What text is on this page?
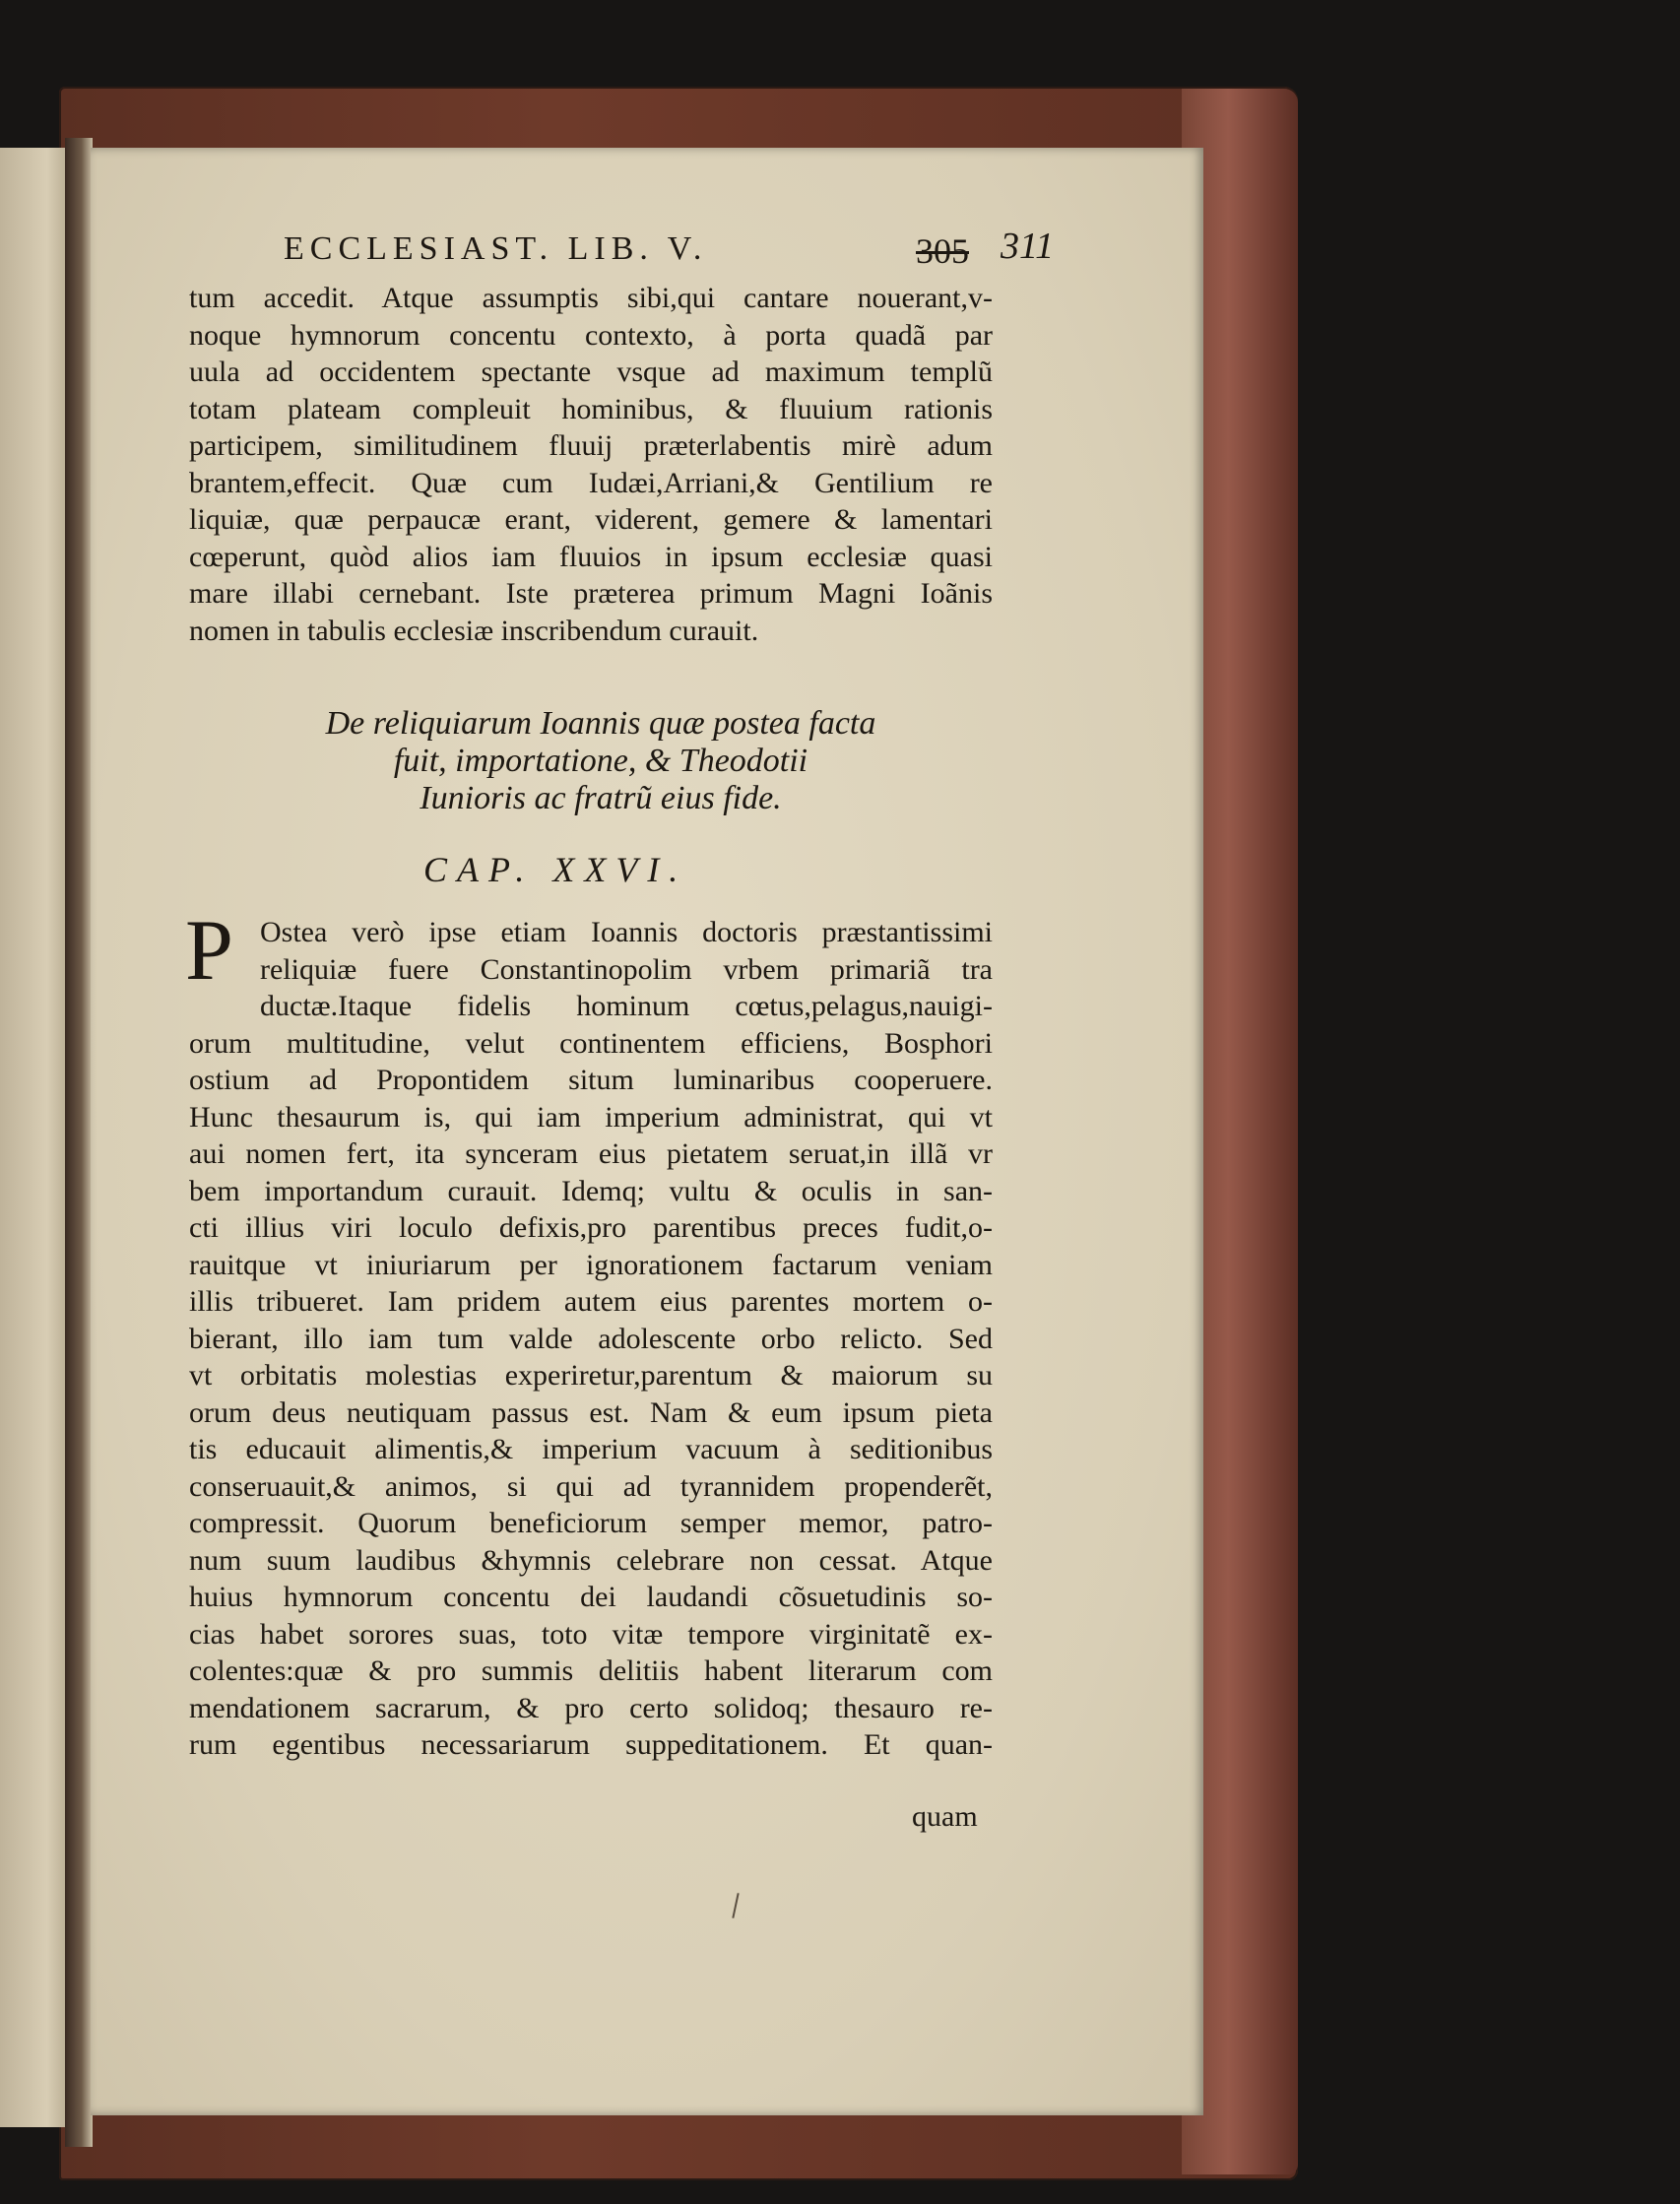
ECCLESIAST. LIB. V.	305 311
tum accedit. Atque assumptis sibi,qui cantare nouerant,v-
noque hymnorum concentu contexto, à porta quadã par
uula ad occidentem spectante vsque ad maximum templũ
totam plateam compleuit hominibus, & fluuium rationis
participem, similitudinem fluuij præterlabentis mirè adum
brantem,effecit. Quæ cum Iudæi,Arriani,& Gentilium re
liquiæ, quæ perpaucæ erant, viderent, gemere & lamentari
cœperunt, quòd alios iam fluuios in ipsum ecclesiæ quasi
mare illabi cernebant. Iste præterea primum Magni Ioãnis
nomen in tabulis ecclesiæ inscribendum curauit.
De reliquiarum Ioannis quæ postea facta
fuit, importatione, & Theodotii
Iunioris ac fratrũ eius fide.
CAP. XXVI.
P Ostea verò ipse etiam Ioannis doctoris præstantissimi
reliquiæ fuere Constantinopolim vrbem primariã tra
ductæ.Itaque fidelis hominum cœtus,pelagus,nauigi-
orum multitudine, velut continentem efficiens, Bosphori
ostium ad Propontidem situm luminaribus cooperuere.
Hunc thesaurum is, qui iam imperium administrat, qui vt
aui nomen fert, ita synceram eius pietatem seruat,in illã vr
bem importandum curauit. Idemq; vultu & oculis in san-
cti illius viri loculo defixis,pro parentibus preces fudit,o-
rauitque vt iniuriarum per ignorationem factarum veniam
illis tribueret. Iam pridem autem eius parentes mortem o-
bierant, illo iam tum valde adolescente orbo relicto. Sed
vt orbitatis molestias experiretur,parentum & maiorum su
orum deus neutiquam passus est. Nam & eum ipsum pieta
tis educauit alimentis,& imperium vacuum à seditionibus
conseruauit,& animos, si qui ad tyrannidem propenderẽt,
compressit. Quorum beneficiorum semper memor, patro-
num suum laudibus &hymnis celebrare non cessat. Atque
huius hymnorum concentu dei laudandi cõsuetudinis so-
cias habet sorores suas, toto vitæ tempore virginitatẽ ex-
colentes:quæ & pro summis delitiis habent literarum com
mendationem sacrarum, & pro certo solidoq; thesauro re-
rum egentibus necessariarum suppeditationem. Et quan-
quam
